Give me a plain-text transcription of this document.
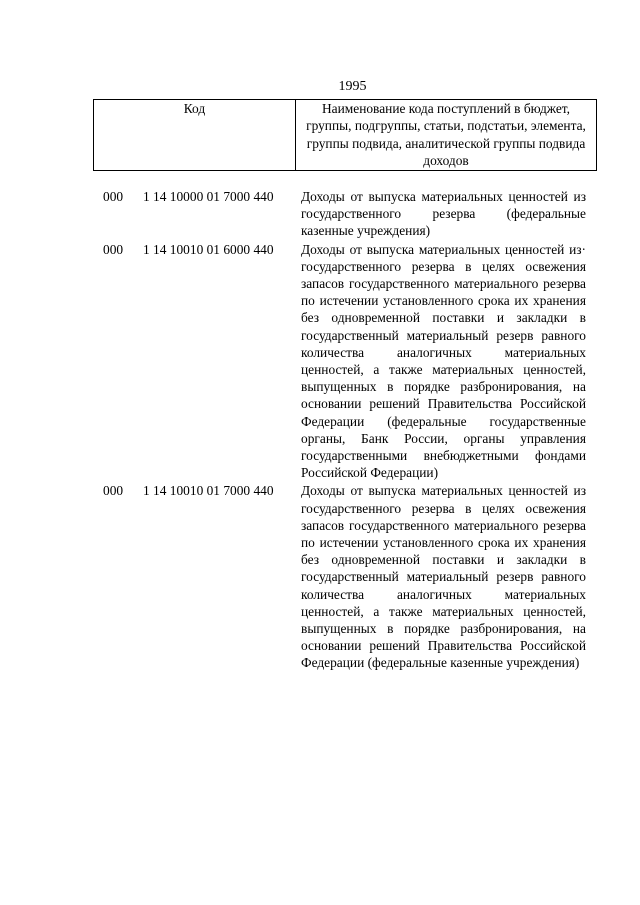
1995
Код	Наименование кода поступлений в бюджет, группы, подгруппы, статьи, подстатьи, элемента, группы подвида, аналитической группы подвида доходов
000 1 14 10000 01 7000 440 Доходы от выпуска материальных ценностей из государственного резерва (федеральные казенные учреждения)
000 1 14 10010 01 6000 440 Доходы от выпуска материальных ценностей из· государственного резерва в целях освежения запасов государственного материального резерва по истечении установленного срока их хранения без одновременной поставки и закладки в государственный материальный резерв равного количества аналогичных материальных ценностей, а также материальных ценностей, выпущенных в порядке разбронирования, на основании решений Правительства Российской Федерации (федеральные государственные органы, Банк России, органы управления государственными внебюджетными фондами Российской Федерации)
000 1 14 10010 01 7000 440 Доходы от выпуска материальных ценностей из государственного резерва в целях освежения запасов государственного материального резерва по истечении установленного срока их хранения без одновременной поставки и закладки в государственный материальный резерв равного количества аналогичных материальных ценностей, а также материальных ценностей, выпущенных в порядке разбронирования, на основании решений Правительства Российской Федерации (федеральные казенные учреждения)
